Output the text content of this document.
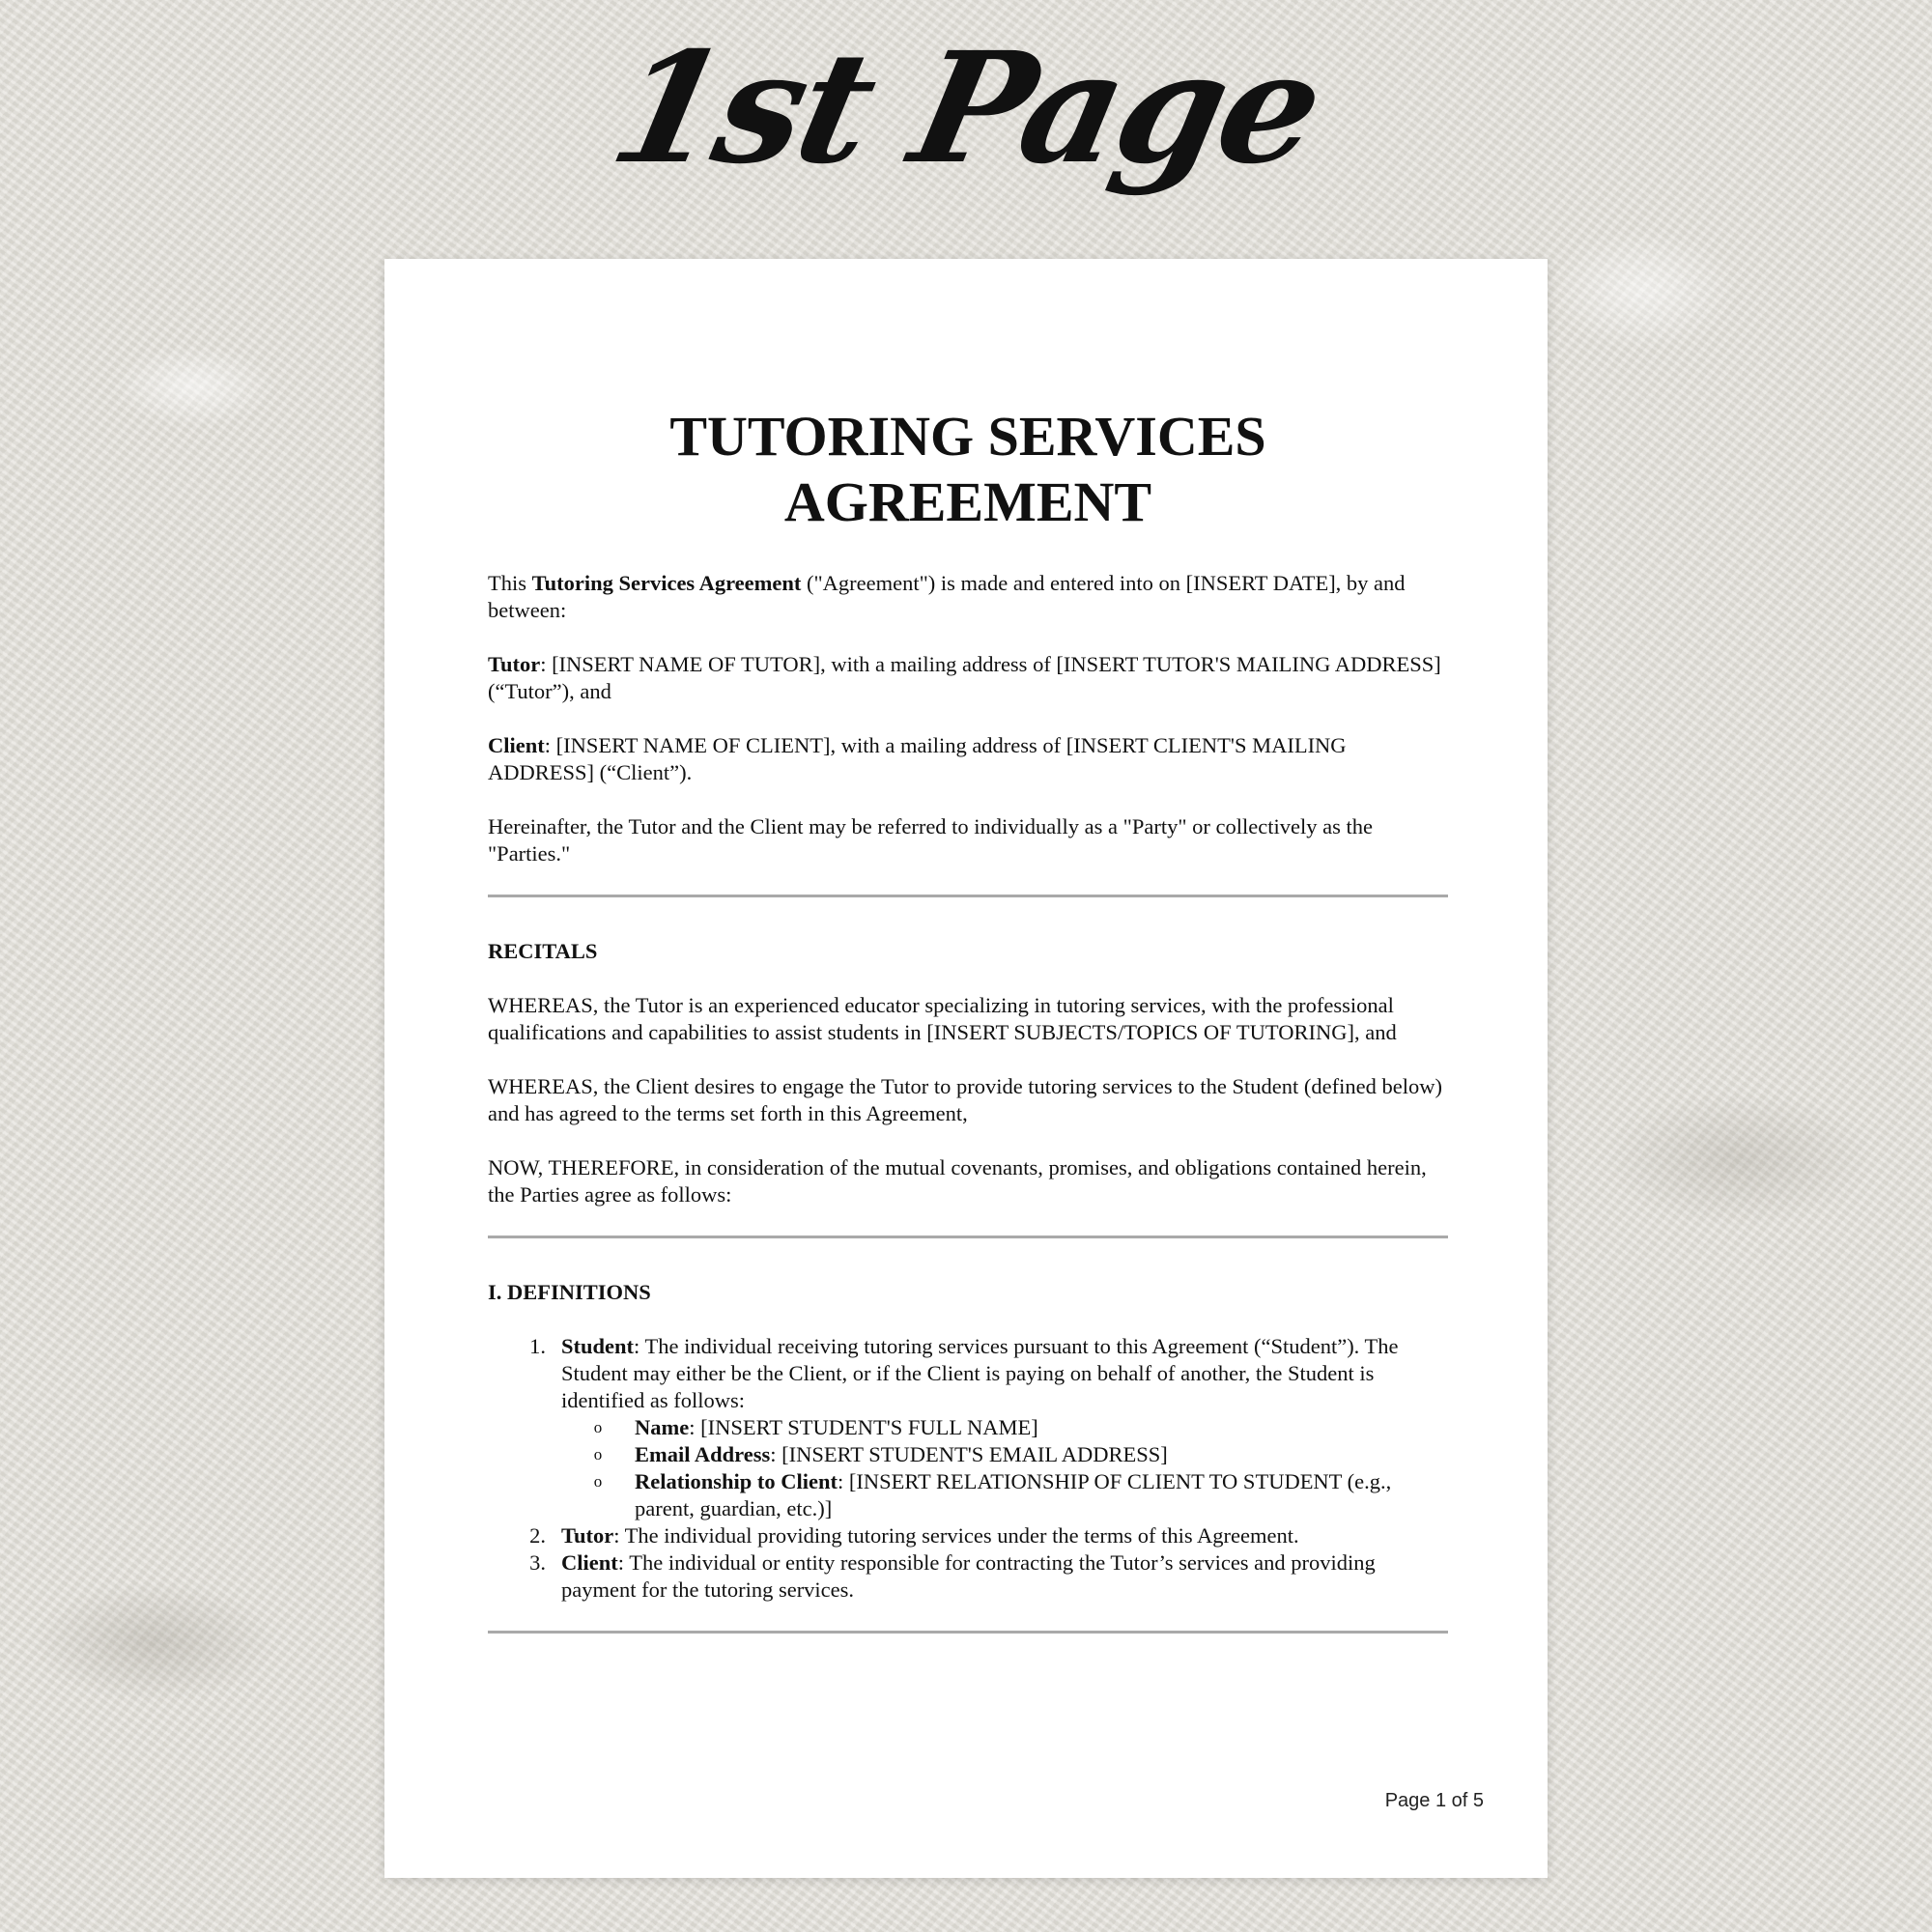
1st Page
TUTORING SERVICES
AGREEMENT

This Tutoring Services Agreement ("Agreement") is made and entered into on [INSERT DATE], by and between:

Tutor: [INSERT NAME OF TUTOR], with a mailing address of [INSERT TUTOR'S MAILING ADDRESS] (“Tutor”), and

Client: [INSERT NAME OF CLIENT], with a mailing address of [INSERT CLIENT'S MAILING ADDRESS] (“Client”).

Hereinafter, the Tutor and the Client may be referred to individually as a "Party" or collectively as the "Parties."

RECITALS

WHEREAS, the Tutor is an experienced educator specializing in tutoring services, with the professional qualifications and capabilities to assist students in [INSERT SUBJECTS/TOPICS OF TUTORING], and

WHEREAS, the Client desires to engage the Tutor to provide tutoring services to the Student (defined below) and has agreed to the terms set forth in this Agreement,

NOW, THEREFORE, in consideration of the mutual covenants, promises, and obligations contained herein, the Parties agree as follows:

I. DEFINITIONS
1. Student: The individual receiving tutoring services pursuant to this Agreement (“Student”). The Student may either be the Client, or if the Client is paying on behalf of another, the Student is identified as follows:
o	Name: [INSERT STUDENT'S FULL NAME]
o	Email Address: [INSERT STUDENT'S EMAIL ADDRESS]
o	Relationship to Client: [INSERT RELATIONSHIP OF CLIENT TO STUDENT (e.g., parent, guardian, etc.)]
2. Tutor: The individual providing tutoring services under the terms of this Agreement.
3. Client: The individual or entity responsible for contracting the Tutor’s services and providing payment for the tutoring services.
Page 1 of 5
